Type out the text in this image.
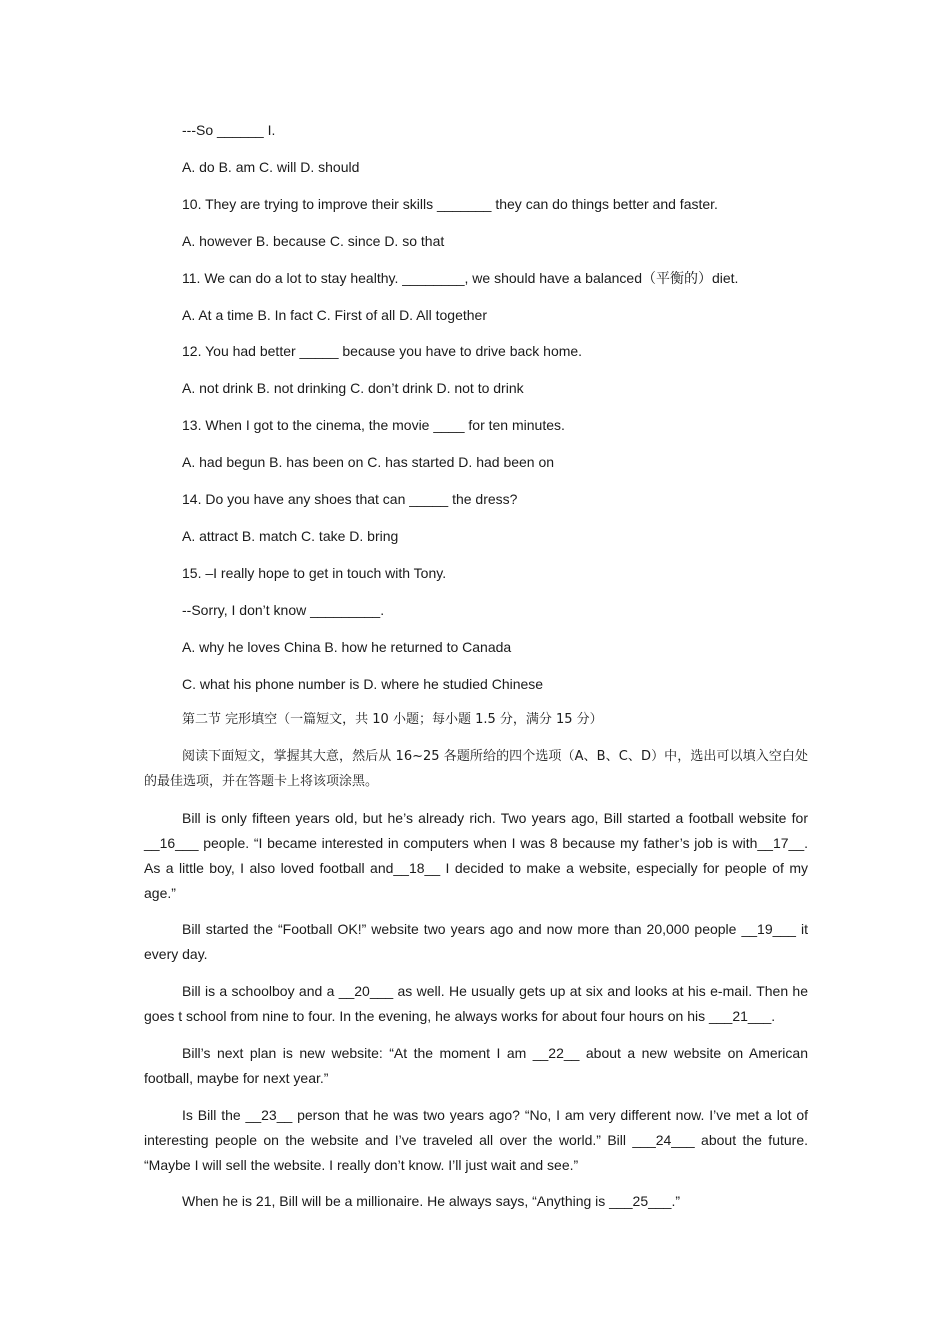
---So ______ I.
A. do B. am C. will D. should
10. They are trying to improve their skills _______ they can do things better and faster.
A. however B. because C. since D. so that
11. We can do a lot to stay healthy. ________, we should have a balanced（平衡的）diet.
A. At a time B. In fact C. First of all D. All together
12. You had better _____ because you have to drive back home.
A. not drink B. not drinking C. don’t drink D. not to drink
13. When I got to the cinema, the movie ____ for ten minutes.
A. had begun B. has been on C. has started D. had been on
14. Do you have any shoes that can _____ the dress?
A. attract B. match C. take D. bring
15. –I really hope to get in touch with Tony.
--Sorry, I don’t know _________.
A. why he loves China B. how he returned to Canada
C. what his phone number is D. where he studied Chinese
第二节 完形填空（一篇短文，共 10 小题；每小题 1.5 分，满分 15 分）
阅读下面短文，掌握其大意，然后从 16~25 各题所给的四个选项（A、B、C、D）中，选出可以填入空白处的最佳选项，并在答题卡上将该项涂黑。
Bill is only fifteen years old, but he’s already rich. Two years ago, Bill started a football website for __16___ people. “I became interested in computers when I was 8 because my father’s job is with__17__. As a little boy, I also loved football and__18__ I decided to make a website, especially for people of my age.”
Bill started the “Football OK!” website two years ago and now more than 20,000 people __19___ it every day.
Bill is a schoolboy and a __20___ as well. He usually gets up at six and looks at his e-mail. Then he goes t school from nine to four. In the evening, he always works for about four hours on his ___21___.
Bill’s next plan is new website: “At the moment I am __22__ about a new website on American football, maybe for next year.”
Is Bill the __23__ person that he was two years ago? “No, I am very different now. I’ve met a lot of interesting people on the website and I’ve traveled all over the world.” Bill ___24___ about the future. “Maybe I will sell the website. I really don’t know. I’ll just wait and see.”
When he is 21, Bill will be a millionaire. He always says, “Anything is ___25___.”
